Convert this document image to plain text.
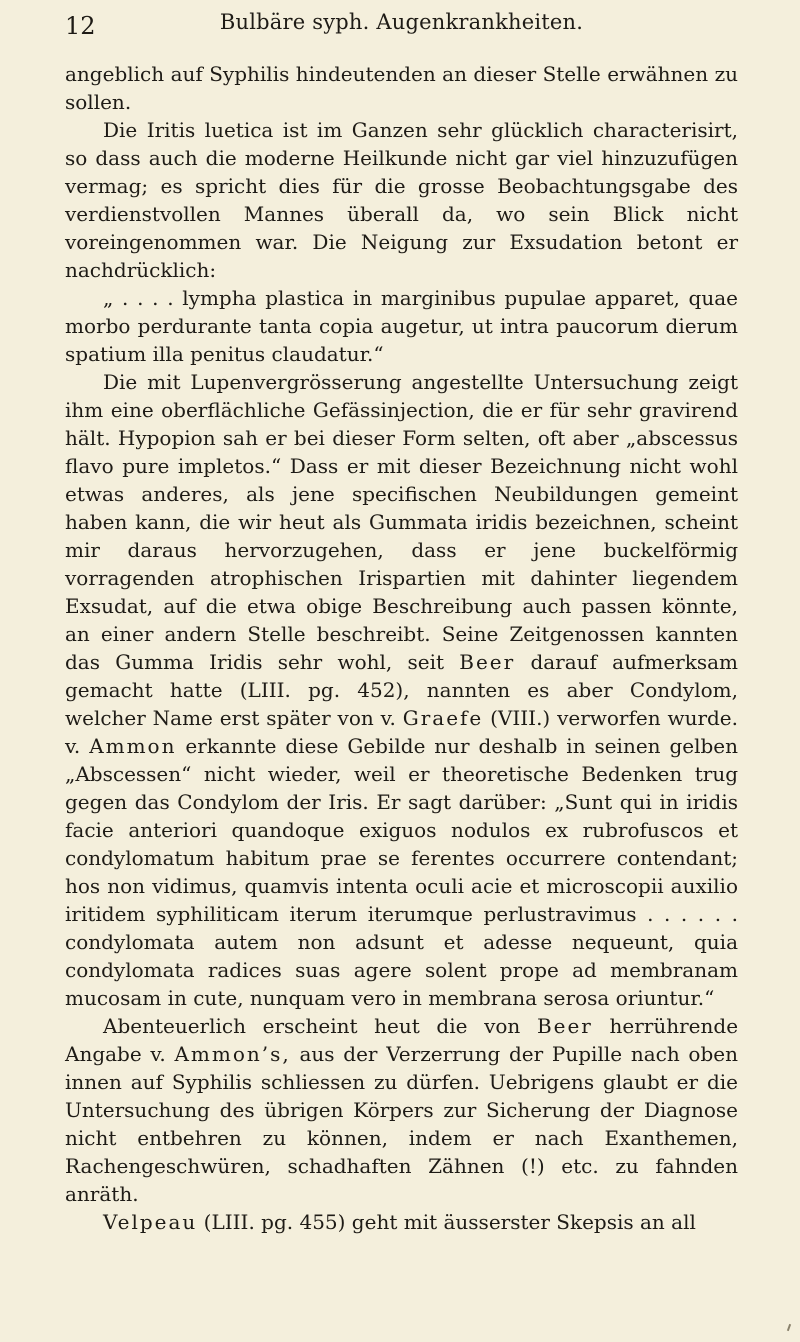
12	Bulbäre syph. Augenkrankheiten.

angeblich auf Syphilis hindeutenden an dieser Stelle erwähnen zu sollen.

Die Iritis luetica ist im Ganzen sehr glücklich characterisirt, so dass auch die moderne Heilkunde nicht gar viel hinzuzufügen vermag; es spricht dies für die grosse Beobachtungsgabe des verdienstvollen Mannes überall da, wo sein Blick nicht voreingenommen war. Die Neigung zur Exsudation betont er nachdrücklich:

„ . . . . lympha plastica in marginibus pupulae apparet, quae morbo perdurante tanta copia augetur, ut intra paucorum dierum spatium illa penitus claudatur.“

Die mit Lupenvergrösserung angestellte Untersuchung zeigt ihm eine oberflächliche Gefässinjection, die er für sehr gravirend hält. Hypopion sah er bei dieser Form selten, oft aber „abscessus flavo pure impletos.“ Dass er mit dieser Bezeichnung nicht wohl etwas anderes, als jene specifischen Neubildungen gemeint haben kann, die wir heut als Gummata iridis bezeichnen, scheint mir daraus hervorzugehen, dass er jene buckelförmig vorragenden atrophischen Irispartien mit dahinter liegendem Exsudat, auf die etwa obige Beschreibung auch passen könnte, an einer andern Stelle beschreibt. Seine Zeitgenossen kannten das Gumma Iridis sehr wohl, seit Beer darauf aufmerksam gemacht hatte (LIII. pg. 452), nannten es aber Condylom, welcher Name erst später von v. Graefe (VIII.) verworfen wurde. v. Ammon erkannte diese Gebilde nur deshalb in seinen gelben „Abscessen“ nicht wieder, weil er theoretische Bedenken trug gegen das Condylom der Iris. Er sagt darüber: „Sunt qui in iridis facie anteriori quandoque exiguos nodulos ex rubrofuscos et condylomatum habitum prae se ferentes occurrere contendant; hos non vidimus, quamvis intenta oculi acie et microscopii auxilio iritidem syphiliticam iterum iterumque perlustravimus . . . . . . condylomata autem non adsunt et adesse nequeunt, quia condylomata radices suas agere solent prope ad membranam mucosam in cute, nunquam vero in membrana serosa oriuntur.“

Abenteuerlich erscheint heut die von Beer herrührende Angabe v. Ammon’s, aus der Verzerrung der Pupille nach oben innen auf Syphilis schliessen zu dürfen. Uebrigens glaubt er die Untersuchung des übrigen Körpers zur Sicherung der Diagnose nicht entbehren zu können, indem er nach Exanthemen, Rachengeschwüren, schadhaften Zähnen (!) etc. zu fahnden anräth.

Velpeau (LIII. pg. 455) geht mit äusserster Skepsis an all
